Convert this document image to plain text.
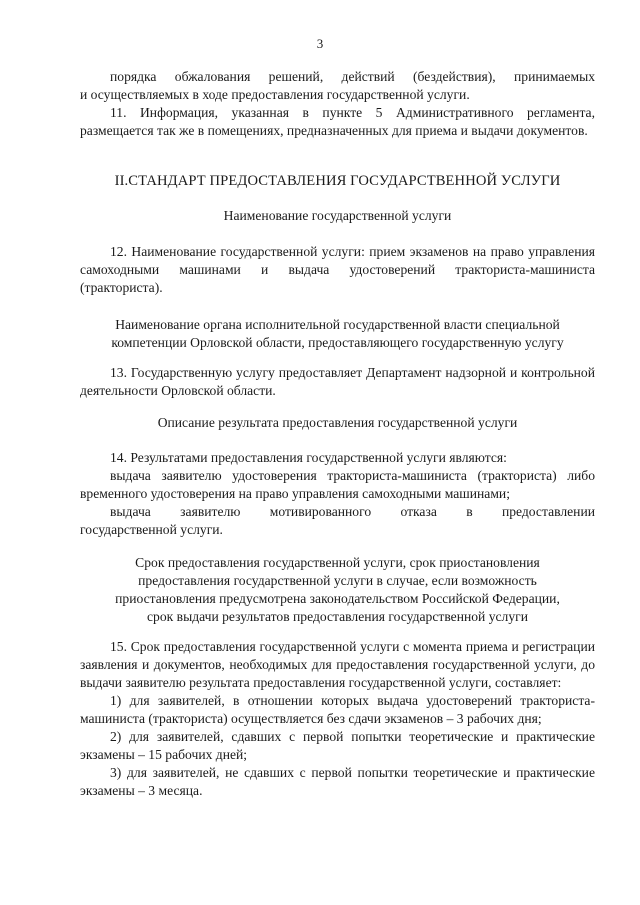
3

порядка обжалования решений, действий (бездействия), принимаемых

и осуществляемых в ходе предоставления государственной услуги.

11. Информация, указанная в пункте 5 Административного регламента, размещается так же в помещениях, предназначенных для приема и выдачи документов.

II.СТАНДАРТ ПРЕДОСТАВЛЕНИЯ ГОСУДАРСТВЕННОЙ УСЛУГИ

Наименование государственной услуги

12. Наименование государственной услуги: прием экзаменов на право управления самоходными машинами и выдача удостоверений тракториста-машиниста (тракториста).

Наименование органа исполнительной государственной власти специальной

компетенции Орловской области, предоставляющего государственную услугу

13. Государственную услугу предоставляет Департамент надзорной и контрольной деятельности Орловской области.

Описание результата предоставления государственной услуги

14. Результатами предоставления государственной услуги являются:

выдача заявителю удостоверения тракториста-машиниста (тракториста) либо временного удостоверения на право управления самоходными машинами;

выдача заявителю мотивированного отказа в предоставлении

государственной услуги.

Срок предоставления государственной услуги, срок приостановления

предоставления государственной услуги в случае, если возможность

приостановления предусмотрена законодательством Российской Федерации,

срок выдачи результатов предоставления государственной услуги

15. Срок предоставления государственной услуги с момента приема и регистрации заявления и документов, необходимых для предоставления государственной услуги, до выдачи заявителю результата предоставления государственной услуги, составляет:

1) для заявителей, в отношении которых выдача удостоверений тракториста-машиниста (тракториста) осуществляется без сдачи экзаменов – 3 рабочих дня;

2) для заявителей, сдавших с первой попытки теоретические и практические экзамены – 15 рабочих дней;

3) для заявителей, не сдавших с первой попытки теоретические и практические экзамены – 3 месяца.
